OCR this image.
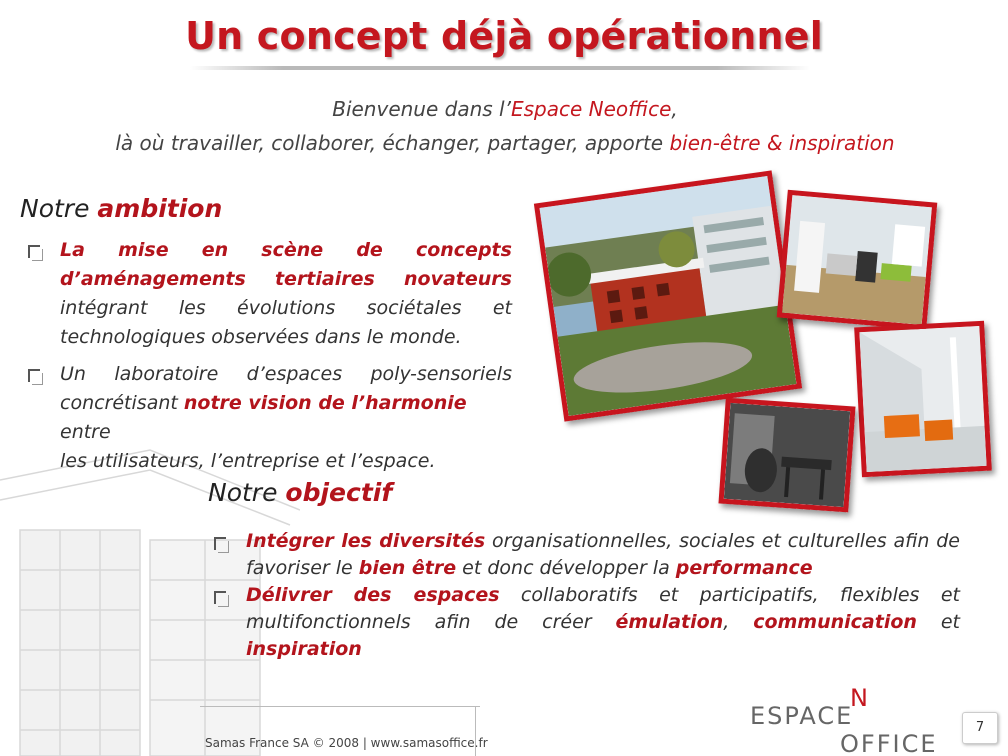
Un concept déjà opérationnel
Bienvenue dans l’Espace Neoffice,
là où travailler, collaborer, échanger, partager, apporte bien-être & inspiration
Notre ambition
La mise en scène de concepts
d’aménagements tertiaires novateurs
intégrant les évolutions sociétales et
technologiques observées dans le monde.
Un laboratoire d’espaces poly-sensoriels
concrétisant notre vision de l’harmonie entre
les utilisateurs, l’entreprise et l’espace.
Notre objectif
Intégrer les diversités organisationnelles, sociales et culturelles afin de
favoriser le bien être et donc développer la performance
Délivrer des espaces collaboratifs et participatifs, flexibles et
multifonctionnels afin de créer émulation, communication et
inspiration
Samas France SA © 2008 | www.samasoffice.fr
ESPACE
OFFICE
N
7
